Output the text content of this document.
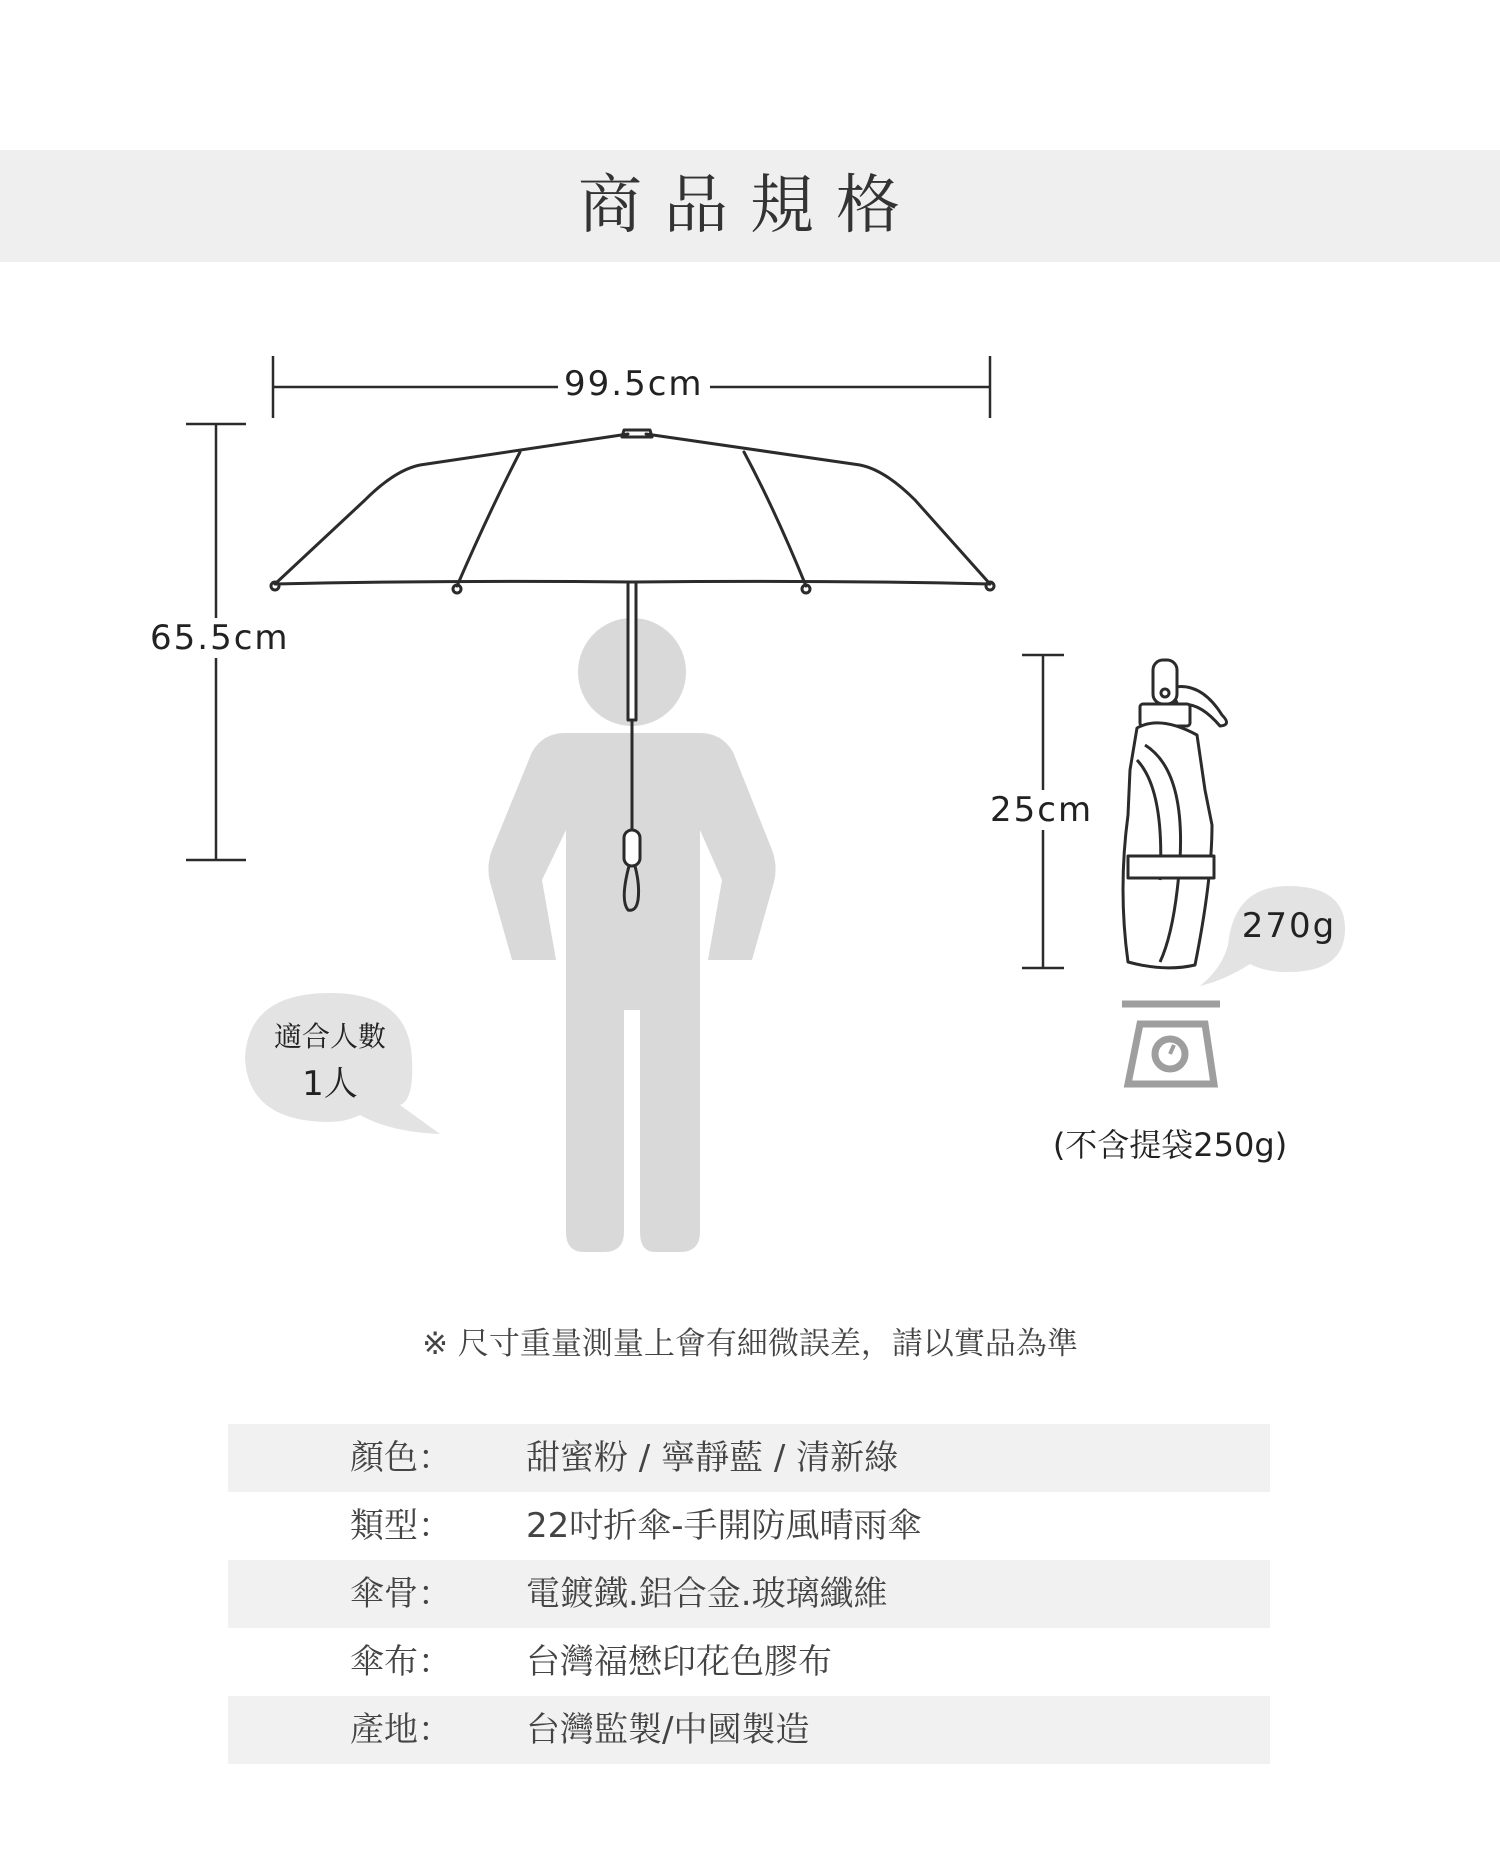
商品規格
99.5cm
65.5cm
25cm
適合人數
1人
270g
(不含提袋250g)
※ 尺寸重量測量上會有細微誤差，請以實品為準
顏色： 甜蜜粉 / 寧靜藍 / 清新綠
類型： 22吋折傘-手開防風晴雨傘
傘骨： 電鍍鐵.鋁合金.玻璃纖維
傘布： 台灣福懋印花色膠布
產地： 台灣監製/中國製造
